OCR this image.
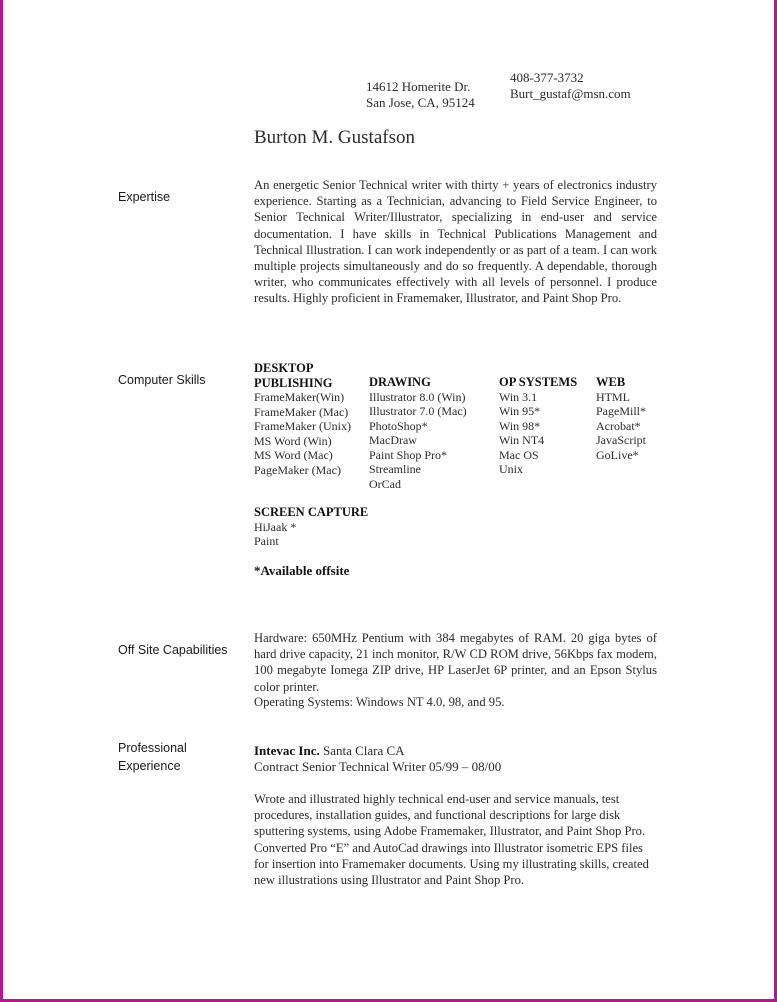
14612 Homerite Dr.
San Jose, CA, 95124
408-377-3732
Burt_gustaf@msn.com
Burton M. Gustafson
Expertise
An energetic Senior Technical writer with thirty + years of electronics industry experience. Starting as a Technician, advancing to Field Service Engineer, to Senior Technical Writer/Illustrator, specializing in end-user and service documentation. I have skills in Technical Publications Management and Technical Illustration. I can work independently or as part of a team. I can work multiple projects simultaneously and do so frequently. A dependable, thorough writer, who communicates effectively with all levels of personnel. I produce results. Highly proficient in Framemaker, Illustrator, and Paint Shop Pro.
Computer Skills
DESKTOP
PUBLISHING
FrameMaker(Win)
FrameMaker (Mac)
FrameMaker (Unix)
MS Word (Win)
MS Word (Mac)
PageMaker (Mac)
DRAWING
Illustrator 8.0 (Win)
Illustrator 7.0 (Mac)
PhotoShop*
MacDraw
Paint Shop Pro*
Streamline
OrCad
OP SYSTEMS
Win 3.1
Win 95*
Win 98*
Win NT4
Mac OS
Unix
WEB
HTML
PageMill*
Acrobat*
JavaScript
GoLive*
SCREEN CAPTURE
HiJaak *
Paint
*Available offsite
Off Site Capabilities
Hardware: 650MHz Pentium with 384 megabytes of RAM. 20 giga bytes of hard drive capacity, 21 inch monitor, R/W CD ROM drive, 56Kbps fax modem, 100 megabyte Iomega ZIP drive, HP LaserJet 6P printer, and an Epson Stylus color printer.
Operating Systems: Windows NT 4.0, 98, and 95.
Professional
Experience
Intevac Inc. Santa Clara CA
Contract Senior Technical Writer 05/99 – 08/00
Wrote and illustrated highly technical end-user and service manuals, test procedures, installation guides, and functional descriptions for large disk sputtering systems, using Adobe Framemaker, Illustrator, and Paint Shop Pro. Converted Pro “E” and AutoCad drawings into Illustrator isometric EPS files for insertion into Framemaker documents. Using my illustrating skills, created new illustrations using Illustrator and Paint Shop Pro.
